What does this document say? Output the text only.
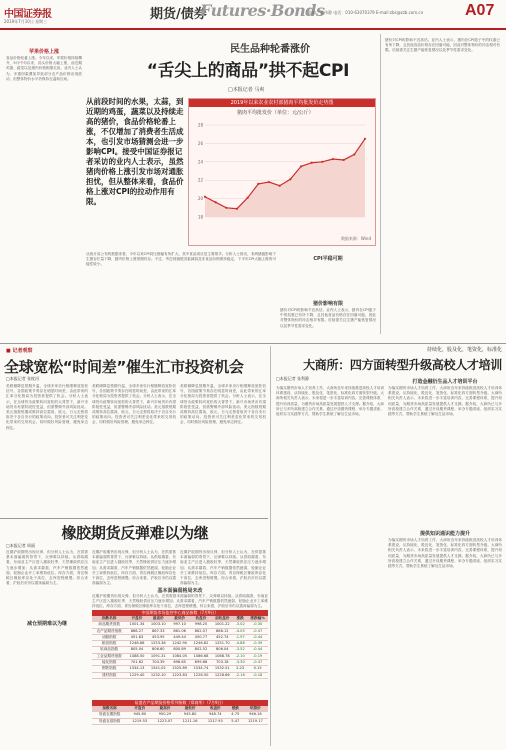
中国证券报
2019年7月10日 星期三	期货/债券
Futures·Bonds
责编：孟伟静 电话：010-63070379 E-mail:zbs@zzb.com.cn	A07
苹果价格上涨
食品价格轮番上涨。今年以来，苹果价格持续攀升，5月中旬以来，蒜头价格大幅上涨，而近期鸡蛋、蔬菜以及猪肉价格相继走高。业内人士认为，多重因素叠加导致部分农产品价格出现波动，但整体物价水平仍保持在温和区间。
民生品种轮番涨价
“舌尖上的商品”拱不起CPI
□本报记者 马爽
从前段时间的水果，太蒜，到近期的鸡蛋，蔬菜以及持续走高的猪价，食品价格轮番上涨，不仅增加了消费者生活成本，也引发市场猜测会进一步影响CPI。接受中国证券报记者采访的业内人士表示，虽然猪肉价格上涨引发市场对通胀担忧，但从整体来看，食品价格上涨对CPI的拉动作用有限。
2019年以来农业农村部猪肉平均批发价走势图
猪肉平均批发价（单位：元/公斤）
18
20
22
24
26
28
数据来源：Wind
猪价对CPI的影响不宜高估。业内人士表示，猪肉在CPI篮子中的权重已有所下降，且其他食品价格存在回落可能，因此对整体物价的冲击相对有限。后续需关注生猪产能恢复情况以及季节性需求变化。
CPI平稳可期
从统计局公布的数据来看，今年以来CPI同比涨幅有所扩大，其中食品项目是主要推手。分析人士指出，非洲猪瘟影响下生猪存栏量下降，猪肉价格上涨预期仍存。不过，考虑到翘尾因素减弱及非食品价格保持稳定，下半年CPI大幅上涨的可能性较小。
猪价影响有限
猪价对CPI的影响不宜高估。业内人士表示，猪肉在CPI篮子中的权重已有所下降，且其他食品价格存在回落可能，因此对整体物价的冲击相对有限。后续需关注生猪产能恢复情况以及季节性需求变化。
■ 记者观察
全球宽松“时间差”催生汇市投资机会
□本报记者 张枕河
美联储降息预期升温，全球多家央行相继释放宽松信号，各国政策节奏存在明显时间差，由此带来的汇率分化格局为投资者提供了机会。分析人士表示，在全球货币政策转向宽松的大背景下，新兴市场货币有望阶段性受益，但需警惕外部风险扰动。美元指数短期或维持高位震荡，欧元、日元走势将取决于各自央行的政策动向。投资者可关注利差变化带来的交易机会，同时做好风险管理，避免单边押注。
美联储降息预期升温，全球多家央行相继释放宽松信号，各国政策节奏存在明显时间差，由此带来的汇率分化格局为投资者提供了机会。分析人士表示，在全球货币政策转向宽松的大背景下，新兴市场货币有望阶段性受益，但需警惕外部风险扰动。美元指数短期或维持高位震荡，欧元、日元走势将取决于各自央行的政策动向。投资者可关注利差变化带来的交易机会，同时做好风险管理，避免单边押注。
美联储降息预期升温，全球多家央行相继释放宽松信号，各国政策节奏存在明显时间差，由此带来的汇率分化格局为投资者提供了机会。分析人士表示，在全球货币政策转向宽松的大背景下，新兴市场货币有望阶段性受益，但需警惕外部风险扰动。美元指数短期或维持高位震荡，欧元、日元走势将取决于各自央行的政策动向。投资者可关注利差变化带来的交易机会，同时做好风险管理，避免单边押注。
持续化，股及化，笔资化，标准化
大商所：四方面转型升级高校人才培训
□本报记者 张利静
打造金融衍生品人才培训平台
为落实期货市场人才培养工作，大商所近年来持续推进高校人才培训体系建设，从持续化、股及化、笔资化、标准化四方面转型升级。大商所相关负责人表示，未来将进一步丰富培训内容，完善课程体系，提升培训质量，为期货市场高质量发展提供人才支撑。据介绍，大商所已与多所高校建立合作关系，通过开设期货课程、举办专题讲座、组织实习实践等方式，帮助学生系统了解衍生品市场。
为落实期货市场人才培养工作，大商所近年来持续推进高校人才培训体系建设，从持续化、股及化、笔资化、标准化四方面转型升级。大商所相关负责人表示，未来将进一步丰富培训内容，完善课程体系，提升培训质量，为期货市场高质量发展提供人才支撑。据介绍，大商所已与多所高校建立合作关系，通过开设期货课程、举办专题讲座、组织实习实践等方式，帮助学生系统了解衍生品市场。
提供知识通识能力提升
为落实期货市场人才培养工作，大商所近年来持续推进高校人才培训体系建设，从持续化、股及化、笔资化、标准化四方面转型升级。大商所相关负责人表示，未来将进一步丰富培训内容，完善课程体系，提升培训质量，为期货市场高质量发展提供人才支撑。据介绍，大商所已与多所高校建立合作关系，通过开设期货课程、举办专题讲座、组织实习实践等方式，帮助学生系统了解衍生品市场。
橡胶期货反弹难以为继
□本报记者 周丽
近期沪胶期货出现反弹，但分析人士认为，在供需基本面偏弱的背景下，反弹难以持续。从供给端看，东南亚主产区进入割胶旺季，天然橡胶供应压力逐步增加；从需求端看，汽车产销数据依然疲弱，轮胎企业开工率维持低位。库存方面，青岛保税区橡胶库存处于高位，去库进程缓慢。综合来看，沪胶后市仍以震荡偏弱为主。
减仓预期难以为继
近期沪胶期货出现反弹，但分析人士认为，在供需基本面偏弱的背景下，反弹难以持续。从供给端看，东南亚主产区进入割胶旺季，天然橡胶供应压力逐步增加；从需求端看，汽车产销数据依然疲弱，轮胎企业开工率维持低位。库存方面，青岛保税区橡胶库存处于高位，去库进程缓慢。综合来看，沪胶后市仍以震荡偏弱为主。
基本面偏弱格局未改
近期沪胶期货出现反弹，但分析人士认为，在供需基本面偏弱的背景下，反弹难以持续。从供给端看，东南亚主产区进入割胶旺季，天然橡胶供应压力逐步增加；从需求端看，汽车产销数据依然疲弱，轮胎企业开工率维持低位。库存方面，青岛保税区橡胶库存处于高位，去库进程缓慢。综合来看，沪胶后市仍以震荡偏弱为主。
近期沪胶期货出现反弹，但分析人士认为，在供需基本面偏弱的背景下，反弹难以持续。从供给端看，东南亚主产区进入割胶旺季，天然橡胶供应压力逐步增加；从需求端看，汽车产销数据依然疲弱，轮胎企业开工率维持低位。库存方面，青岛保税区橡胶库存处于高位，去库进程缓慢。综合来看，沪胶后市仍以震荡偏弱为主。
中国期货市场监控中心商品指数（7月9日）
指数名称	开盘价	最高价	最低价	收盘价	前收盘价	涨跌	涨跌幅%
商品期货指数	1001.34	1003.10	997.10	998.20	1001.22	-3.02	-0.30
农产品期货指数	866.27	867.33	861.06	862.07	866.12	-4.05	-0.47
油脂指数	451.83	453.95	449.44	450.77	452.74	-1.97	-0.44
粮食指数	1248.86	1253.36	1242.90	1246.82	1251.70	-4.88	-0.39
软商品指数	805.04	806.60	800.89	802.52	806.04	-3.52	-0.44
工业品期货指数	1088.50	1091.31	1084.05	1086.68	1088.78	-2.10	-0.19
能化指数	701.62	704.39	698.65	699.88	703.18	-3.30	-0.47
钢铁指数	1534.13	1541.02	1525.89	1534.74	1532.51	2.23	0.15
建材指数	1229.40	1232.10	1223.83	1226.50	1228.66	-2.16	-0.18
易盛农产品期货价格系列指数（郑商所）（7月9日）
指数名称	开盘价	最高价	最低价	收盘价	涨跌	结算价
易盛农期指数	945.80	950.29	945.80	948.74	4.75	946.16
易盛农基指数	1219.53	1223.07	1211.16	1217.93	5.47	1219.17
